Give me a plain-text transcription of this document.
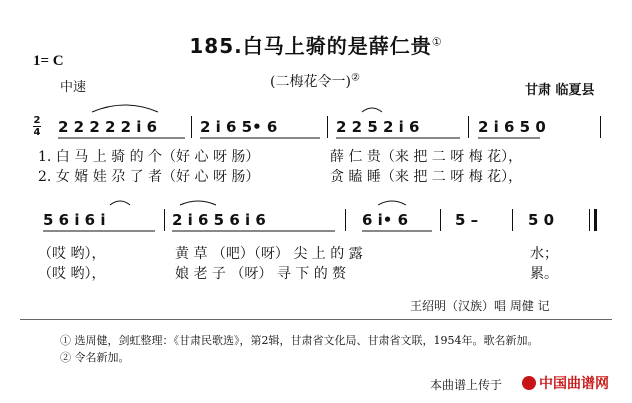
185.白马上骑的是薛仁贵①
1= C
中速	(二梅花令一)②
甘肃 临夏县
2
4 2 2 2 2 2 i 6	2 i 6 5• 6	2 2 5 2 i 6	2 i 6 5 0
1. 白 马 上 骑 的 个（好 心 呀 肠）	薛 仁 贵（来 把 二 呀 梅 花），
2. 女 婿 娃 尕 了 者（好 心 呀 肠）	贪 瞌 睡（来 把 二 呀 梅 花），
5 6 i 6 i	2 i 6 5 6 i 6	6 i• 6	5 –	5 0
（哎 哟），	黄 草 （吧）（呀） 尖 上 的 露	水；
（哎 哟），	娘 老 子 （呀） 寻 下 的 赘	累。
王绍明（汉族）唱 周健 记
① 选周健，剑虹整理：《甘肃民歌选》，第2辑，甘肃省文化局、甘肃省文联，1954年。歌名新加。
② 令名新加。
本曲谱上传于	中国曲谱网
